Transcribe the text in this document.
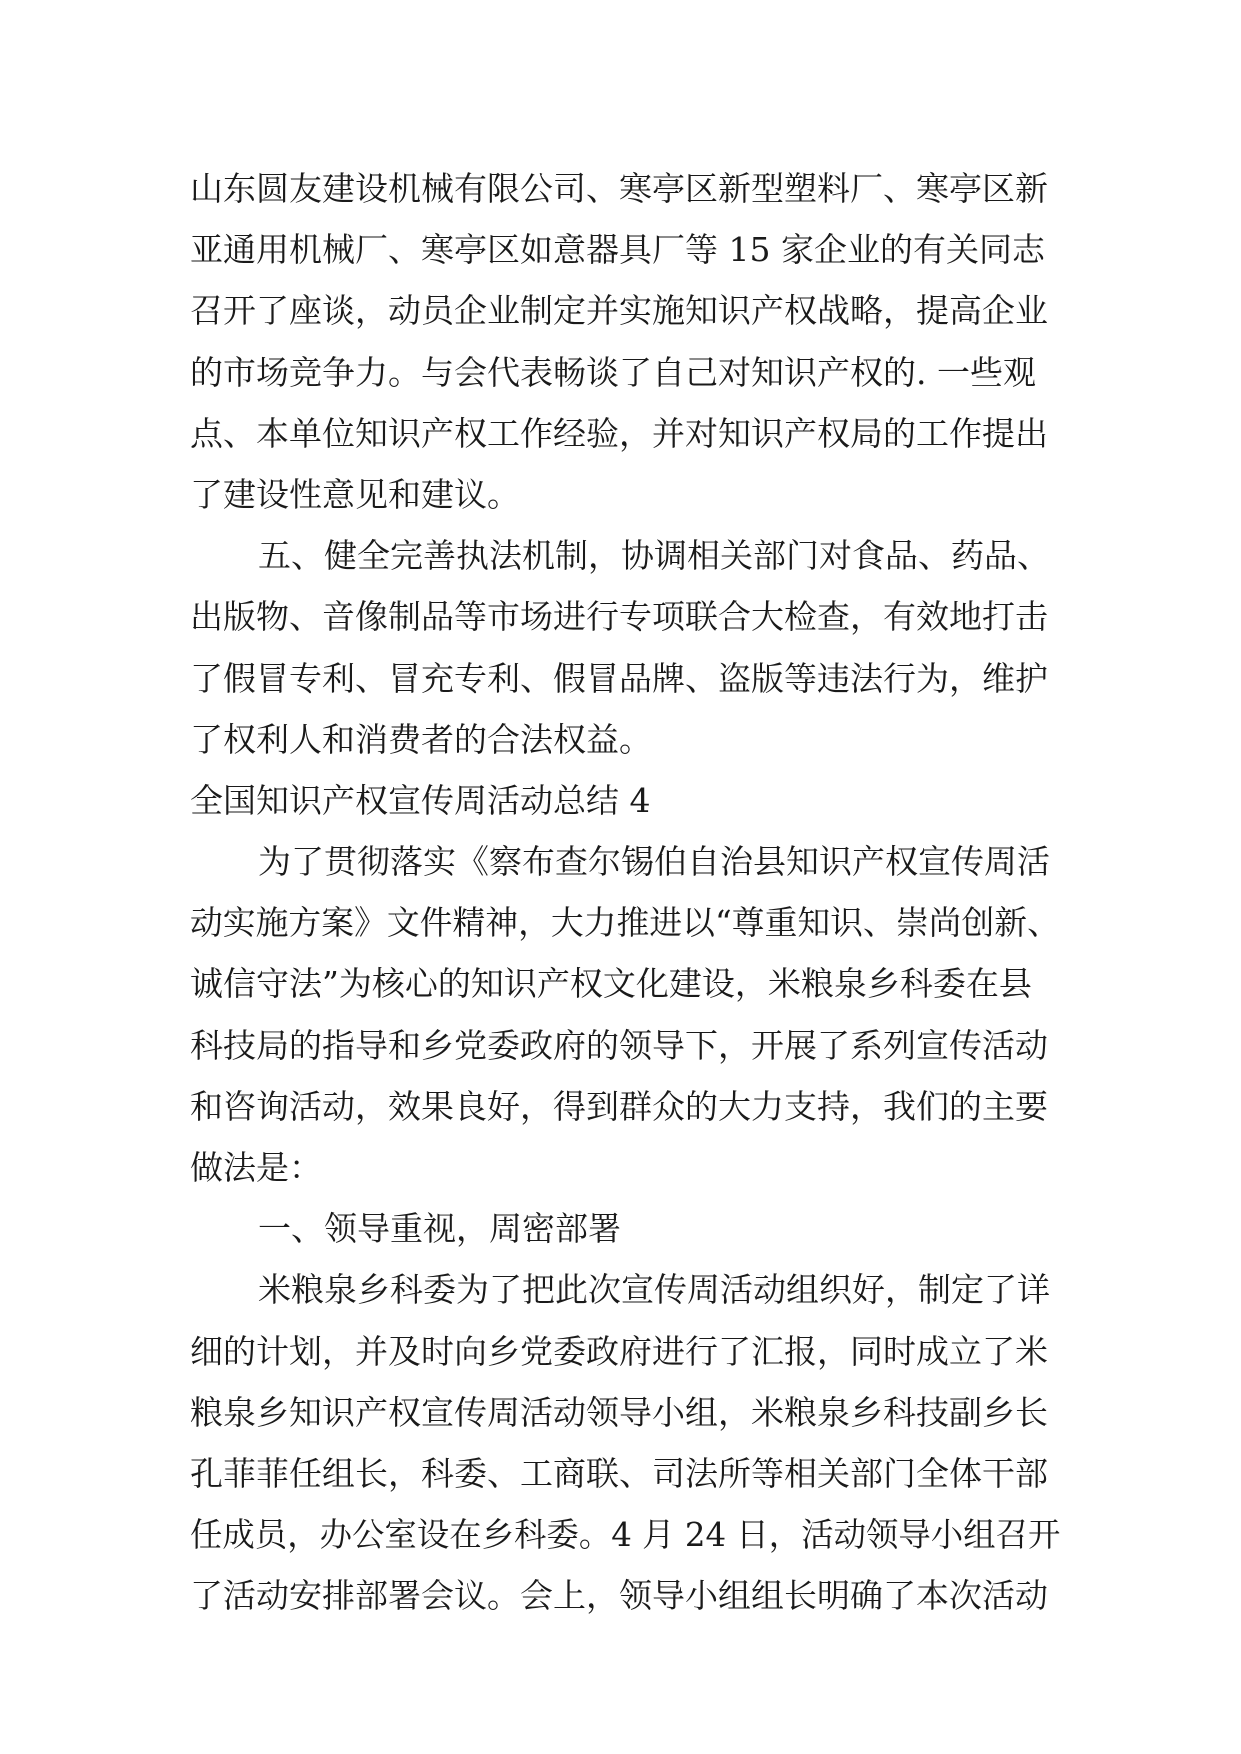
山东圆友建设机械有限公司、寒亭区新型塑料厂、寒亭区新
亚通用机械厂、寒亭区如意器具厂等 15 家企业的有关同志
召开了座谈，动员企业制定并实施知识产权战略，提高企业
的市场竞争力。与会代表畅谈了自己对知识产权的. 一些观
点、本单位知识产权工作经验，并对知识产权局的工作提出
了建设性意见和建议。
五、健全完善执法机制，协调相关部门对食品、药品、
出版物、音像制品等市场进行专项联合大检查，有效地打击
了假冒专利、冒充专利、假冒品牌、盗版等违法行为，维护
了权利人和消费者的合法权益。
全国知识产权宣传周活动总结 4
为了贯彻落实《察布查尔锡伯自治县知识产权宣传周活
动实施方案》文件精神，大力推进以“尊重知识、崇尚创新、
诚信守法”为核心的知识产权文化建设，米粮泉乡科委在县
科技局的指导和乡党委政府的领导下，开展了系列宣传活动
和咨询活动，效果良好，得到群众的大力支持，我们的主要
做法是：
一、领导重视，周密部署
米粮泉乡科委为了把此次宣传周活动组织好，制定了详
细的计划，并及时向乡党委政府进行了汇报，同时成立了米
粮泉乡知识产权宣传周活动领导小组，米粮泉乡科技副乡长
孔菲菲任组长，科委、工商联、司法所等相关部门全体干部
任成员，办公室设在乡科委。4 月 24 日，活动领导小组召开
了活动安排部署会议。会上，领导小组组长明确了本次活动
